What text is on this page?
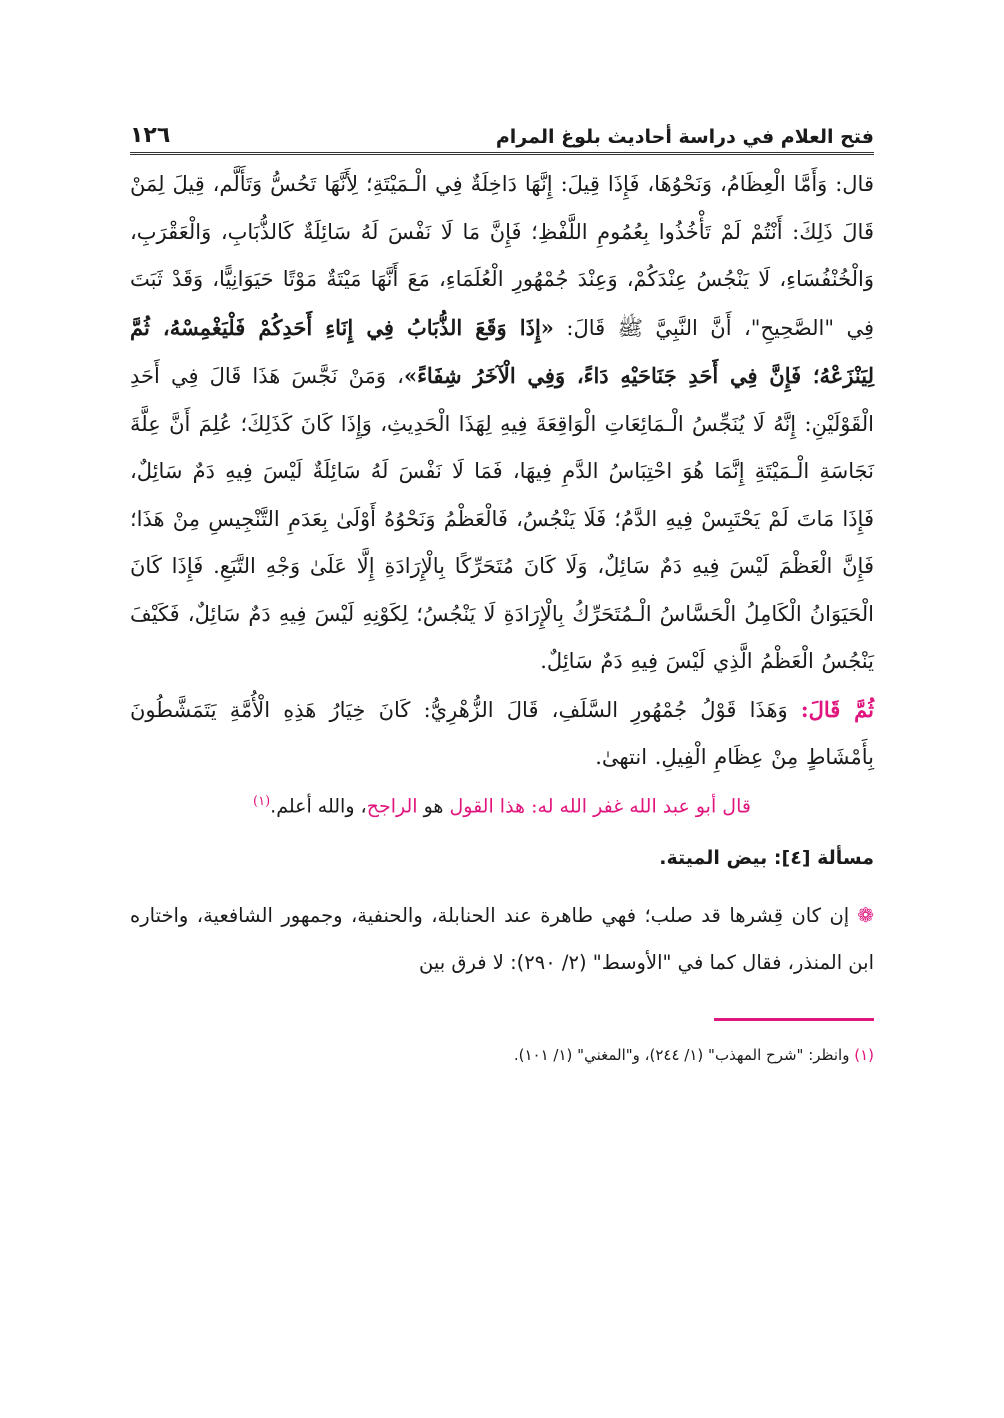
فتح العلام في دراسة أحاديث بلوغ المرام
١٢٦

قال: وَأَمَّا الْعِظَامُ، وَنَحْوُهَا، فَإِذَا قِيلَ: إِنَّهَا دَاخِلَةٌ فِي الْـمَيْتَةِ؛ لِأَنَّهَا تَحُسُّ وَتَأَلَّم، قِيلَ لِمَنْ قَالَ ذَلِكَ: أَنْتُمْ لَمْ تَأْخُذُوا بِعُمُومِ اللَّفْظِ؛ فَإِنَّ مَا لَا نَفْسَ لَهُ سَائِلَةٌ كَالذُّبَابِ، وَالْعَقْرَبِ، وَالْخُنْفُسَاءِ، لَا يَنْجُسُ عِنْدَكُمْ، وَعِنْدَ جُمْهُورِ الْعُلَمَاءِ، مَعَ أَنَّهَا مَيْتَةٌ مَوْتًا حَيَوَانِيًّا، وَقَدْ ثَبَتَ فِي "الصَّحِيحِ"، أَنَّ النَّبِيَّ ﷺ قَالَ: «إِذَا وَقَعَ الذُّبَابُ فِي إِنَاءِ أَحَدِكُمْ فَلْيَغْمِسْهُ، ثُمَّ لِيَنْزَعْهُ؛ فَإِنَّ فِي أَحَدِ جَنَاحَيْهِ دَاءً، وَفِي الْآخَرُ شِفَاءً»، وَمَنْ نَجَّسَ هَذَا قَالَ فِي أَحَدِ الْقَوْلَيْنِ: إِنَّهُ لَا يُنَجِّسُ الْـمَائِعَاتِ الْوَاقِعَةَ فِيهِ لِهَذَا الْحَدِيثِ، وَإِذَا كَانَ كَذَلِكَ؛ عُلِمَ أَنَّ عِلَّةَ نَجَاسَةِ الْـمَيْتَةِ إِنَّمَا هُوَ احْتِبَاسُ الدَّمِ فِيهَا، فَمَا لَا نَفْسَ لَهُ سَائِلَةٌ لَيْسَ فِيهِ دَمٌ سَائِلٌ، فَإِذَا مَاتَ لَمْ يَحْتَبِسْ فِيهِ الدَّمُ؛ فَلَا يَنْجُسُ، فَالْعَظْمُ وَنَحْوُهُ أَوْلَىٰ بِعَدَمِ التَّنْجِيسِ مِنْ هَذَا؛ فَإِنَّ الْعَظْمَ لَيْسَ فِيهِ دَمٌ سَائِلٌ، وَلَا كَانَ مُتَحَرِّكًا بِالْإِرَادَةِ إِلَّا عَلَىٰ وَجْهِ التَّبَعِ. فَإِذَا كَانَ الْحَيَوَانُ الْكَامِلُ الْحَسَّاسُ الْـمُتَحَرِّكُ بِالْإِرَادَةِ لَا يَنْجُسُ؛ لِكَوْنِهِ لَيْسَ فِيهِ دَمٌ سَائِلٌ، فَكَيْفَ يَنْجُسُ الْعَظْمُ الَّذِي لَيْسَ فِيهِ دَمٌ سَائِلٌ.

ثُمَّ قَالَ: وَهَذَا قَوْلُ جُمْهُورِ السَّلَفِ، قَالَ الزُّهْرِيُّ: كَانَ خِيَارُ هَذِهِ الْأُمَّةِ يَتَمَشَّطُونَ بِأَمْشَاطٍ مِنْ عِظَامِ الْفِيلِ. انتهىٰ.

قال أبو عبد الله غفر الله له: هذا القول هو الراجح، والله أعلم.$^{(١)}$
مسألة [٤]: بيض الميتة.
❁إن كان قِشرها قد صلب؛ فهي طاهرة عند الحنابلة، والحنفية، وجمهور الشافعية، واختاره ابن المنذر، فقال كما في "الأوسط" (٢/ ٢٩٠): لا فرق بين
(١) وانظر: "شرح المهذب" (١/ ٢٤٤)، و"المغني" (١/ ١٠١).
